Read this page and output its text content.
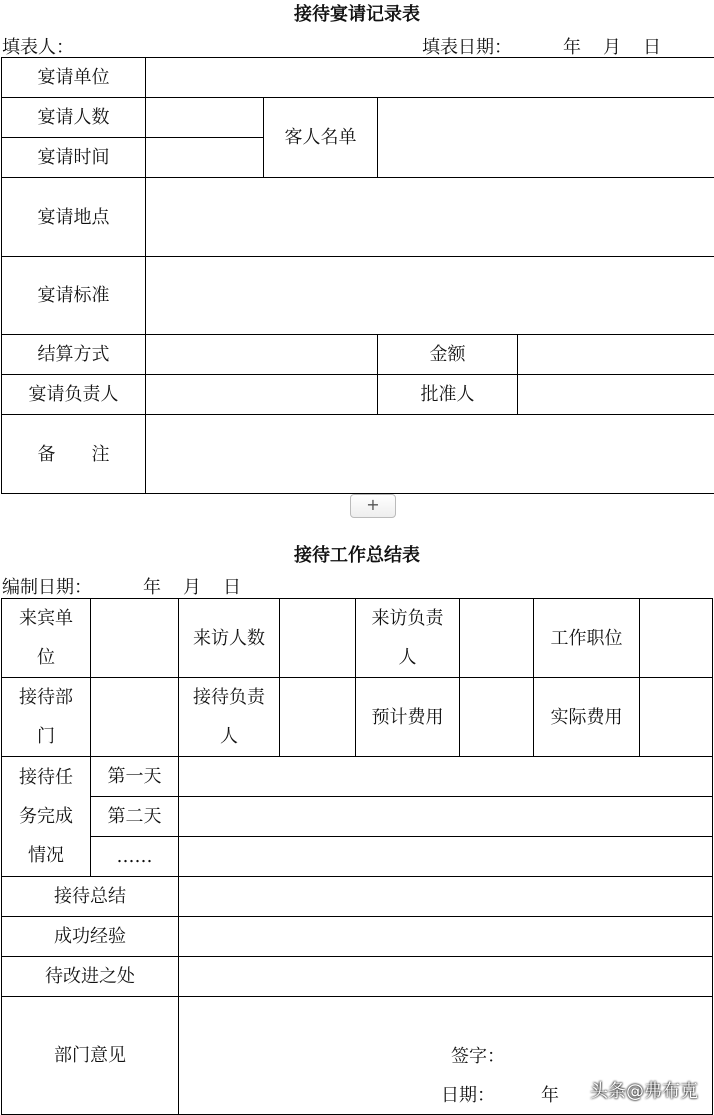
接待宴请记录表
填表人：	填表日期：	年 月 日
宴请单位				
宴请人数		客人名单		
宴请时间				
宴请地点				
宴请标准				
结算方式			金额	
宴请负责人			批准人	
备　　注				
+
接待工作总结表
编制日期：	年 月 日
来宾单位		来访人数		来访负责人		工作职位	

接待部门		接待负责人		预计费用		实际费用	

接待任务完成情况	第一天						
	第二天						
	……						
接待总结							
成功经验							
待改进之处							
部门意见								签字：
日期：	年 头条@弗布克
